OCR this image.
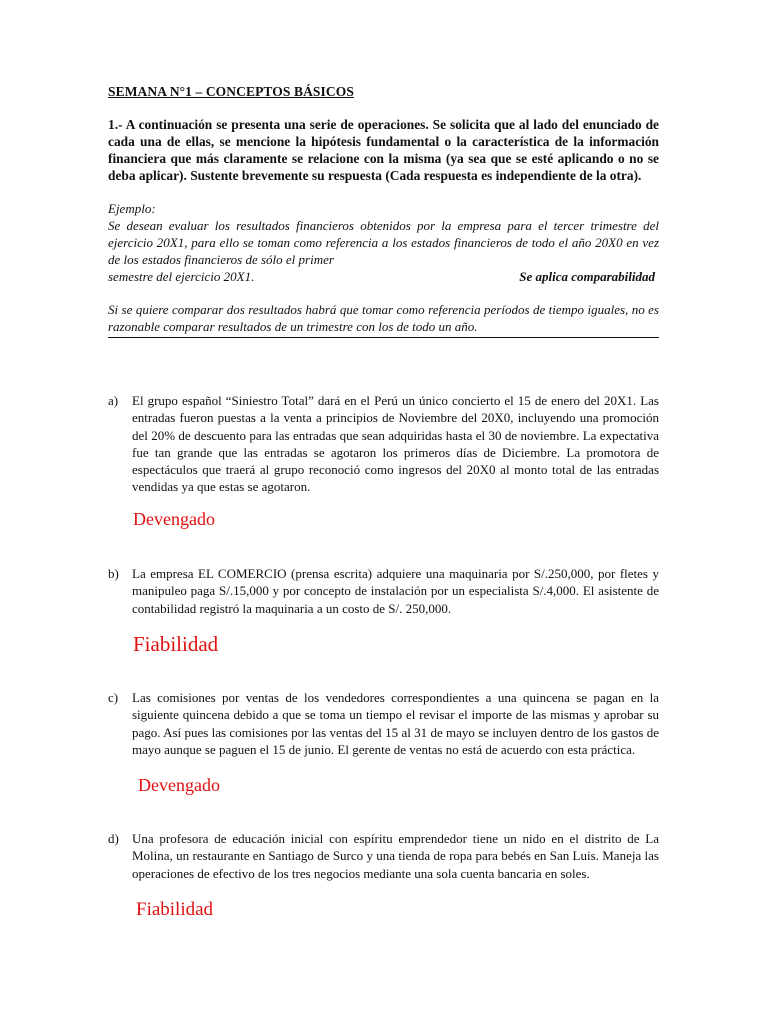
SEMANA N°1 – CONCEPTOS BÁSICOS

1.- A continuación se presenta una serie de operaciones. Se solicita que al lado del enunciado de cada una de ellas, se mencione la hipótesis fundamental o la característica de la información financiera que más claramente se relacione con la misma (ya sea que se esté aplicando o no se deba aplicar). Sustente brevemente su respuesta (Cada respuesta es independiente de la otra).

Ejemplo:

Se desean evaluar los resultados financieros obtenidos por la empresa para el tercer trimestre del ejercicio 20X1, para ello se toman como referencia a los estados financieros de todo el año 20X0 en vez de los estados financieros de sólo el primer

semestre del ejercicio 20X1.	Se aplica comparabilidad

Si se quiere comparar dos resultados habrá que tomar como referencia períodos de tiempo iguales, no es razonable comparar resultados de un trimestre con los de todo un año.

a) El grupo español “Siniestro Total” dará en el Perú un único concierto el 15 de enero del 20X1. Las entradas fueron puestas a la venta a principios de Noviembre del 20X0, incluyendo una promoción del 20% de descuento para las entradas que sean adquiridas hasta el 30 de noviembre. La expectativa fue tan grande que las entradas se agotaron los primeros días de Diciembre. La promotora de espectáculos que traerá al grupo reconoció como ingresos del 20X0 al monto total de las entradas vendidas ya que estas se agotaron.
Devengado
b) La empresa EL COMERCIO (prensa escrita) adquiere una maquinaria por S/.250,000, por fletes y manipuleo paga S/.15,000 y por concepto de instalación por un especialista S/.4,000. El asistente de contabilidad registró la maquinaria a un costo de S/. 250,000.
Fiabilidad
c) Las comisiones por ventas de los vendedores correspondientes a una quincena se pagan en la siguiente quincena debido a que se toma un tiempo el revisar el importe de las mismas y aprobar su pago. Así pues las comisiones por las ventas del 15 al 31 de mayo se incluyen dentro de los gastos de mayo aunque se paguen el 15 de junio. El gerente de ventas no está de acuerdo con esta práctica.
Devengado
d) Una profesora de educación inicial con espíritu emprendedor tiene un nido en el distrito de La Molina, un restaurante en Santiago de Surco y una tienda de ropa para bebés en San Luis. Maneja las operaciones de efectivo de los tres negocios mediante una sola cuenta bancaria en soles.
Fiabilidad
